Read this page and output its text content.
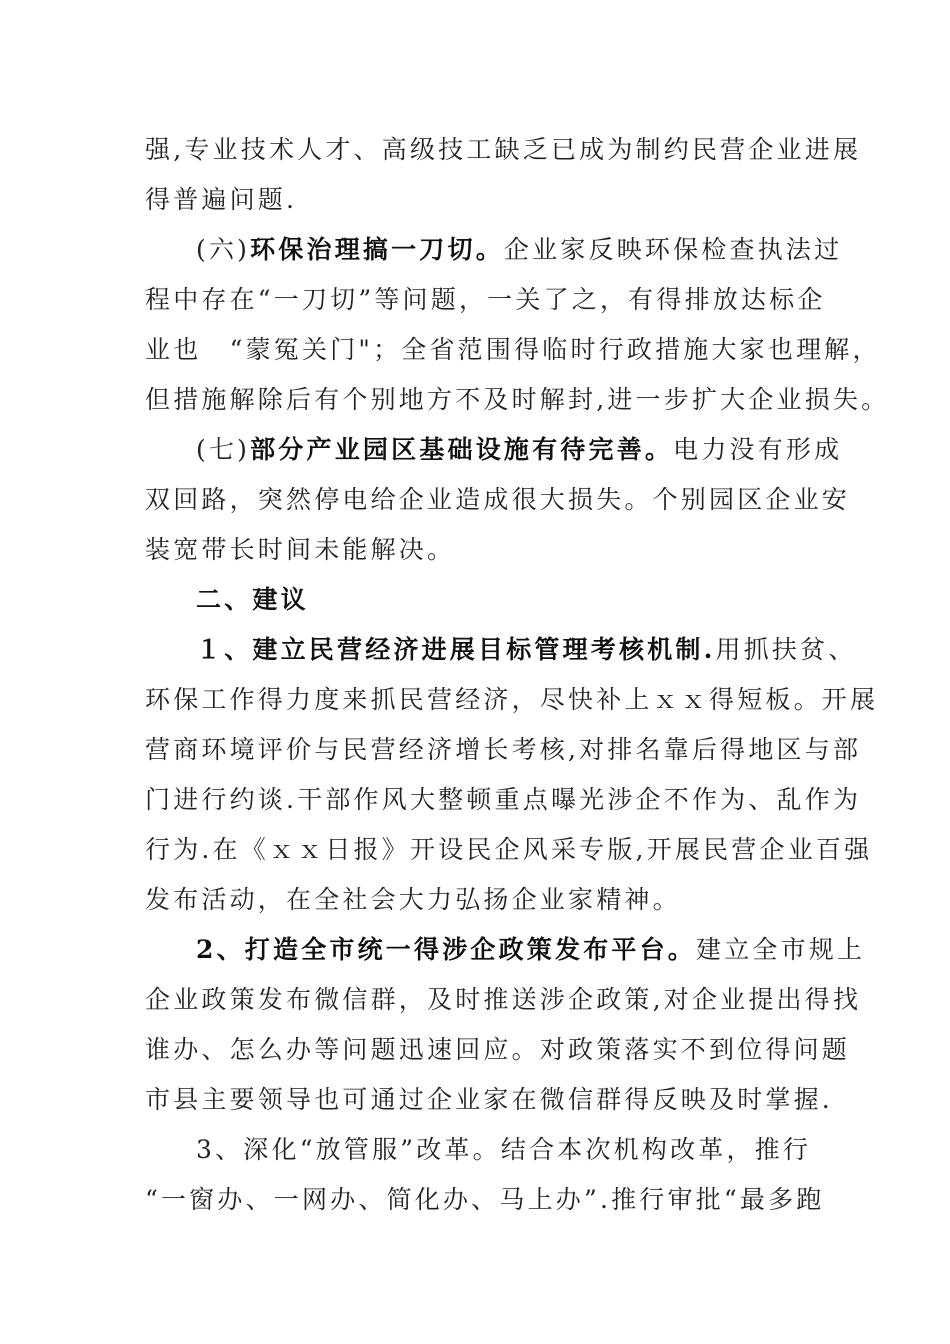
强,专业技术人才、高级技工缺乏已成为制约民营企业进展
得普遍问题.
(六)环保治理搞一刀切。企业家反映环保检查执法过
程中存在“一刀切”等问题，一关了之，有得排放达标企
业也　“蒙冤关门"；全省范围得临时行政措施大家也理解，
但措施解除后有个别地方不及时解封,进一步扩大企业损失。
(七)部分产业园区基础设施有待完善。电力没有形成
双回路，突然停电给企业造成很大损失。个别园区企业安
装宽带长时间未能解决。
二、建议
１、建立民营经济进展目标管理考核机制.用抓扶贫、
环保工作得力度来抓民营经济，尽快补上ｘｘ得短板。开展
营商环境评价与民营经济增长考核,对排名靠后得地区与部
门进行约谈.干部作风大整顿重点曝光涉企不作为、乱作为
行为.在《ｘｘ日报》开设民企风采专版,开展民营企业百强
发布活动，在全社会大力弘扬企业家精神。
2、打造全市统一得涉企政策发布平台。建立全市规上
企业政策发布微信群，及时推送涉企政策,对企业提出得找
谁办、怎么办等问题迅速回应。对政策落实不到位得问题
市县主要领导也可通过企业家在微信群得反映及时掌握.
3、深化“放管服”改革。结合本次机构改革，推行
“一窗办、一网办、简化办、马上办”.推行审批“最多跑
